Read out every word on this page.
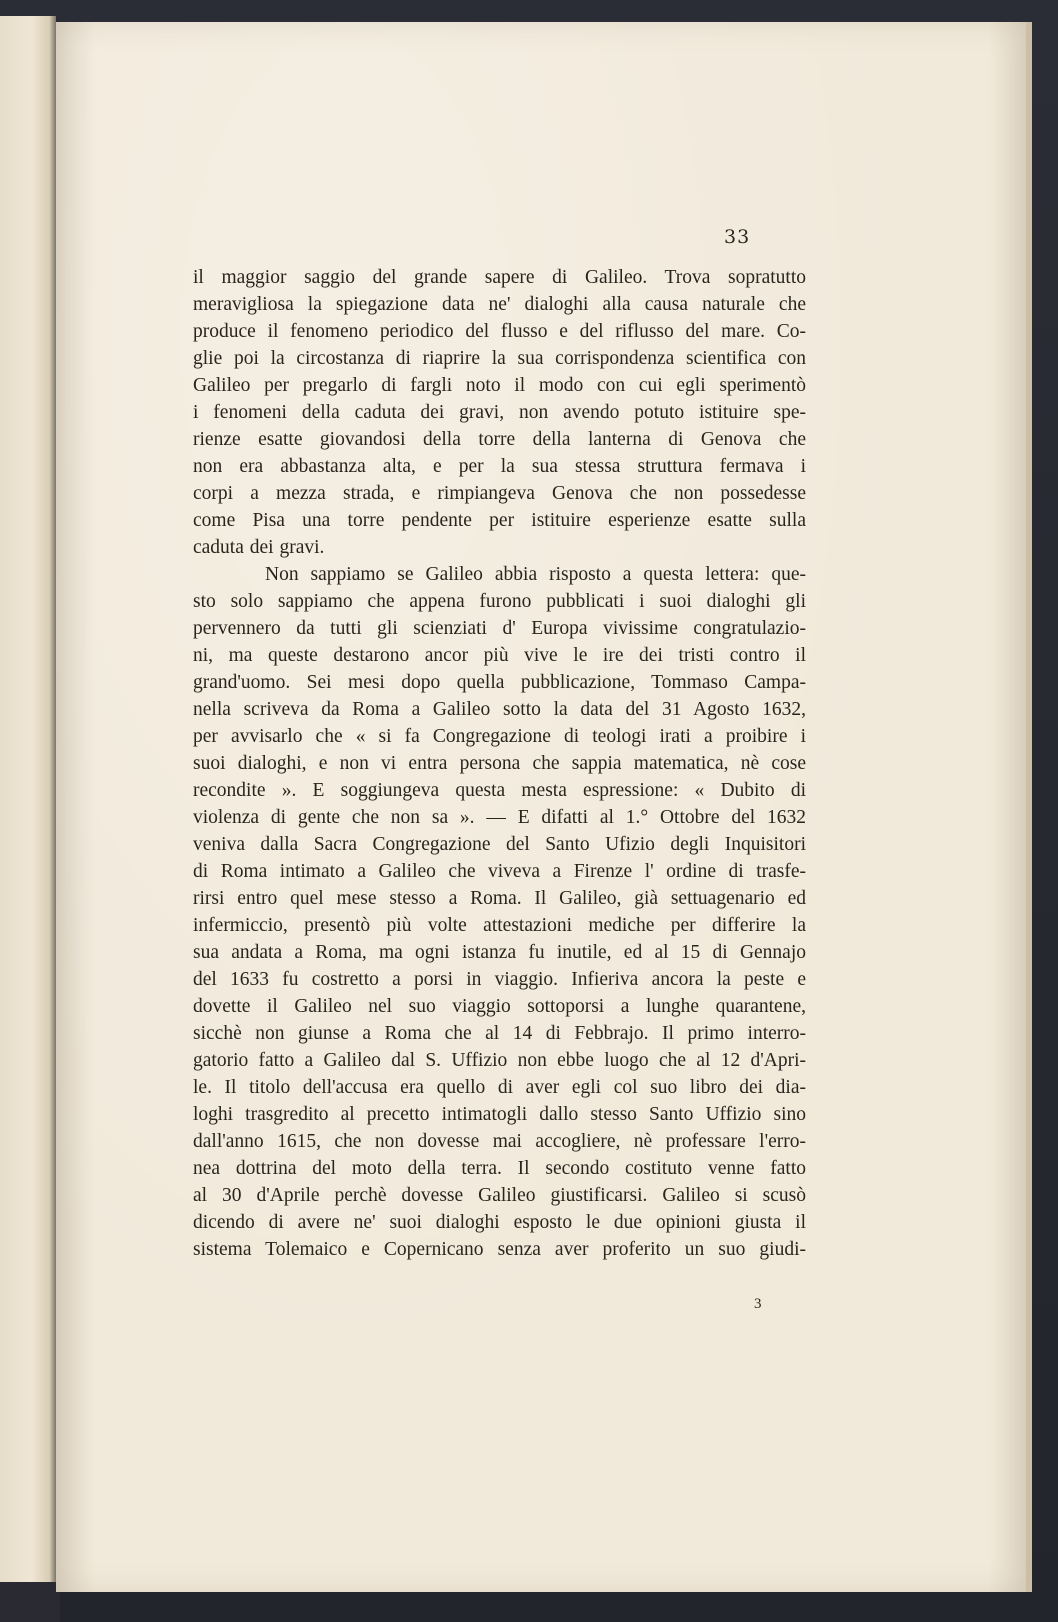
33
il maggior saggio del grande sapere di Galileo. Trova sopratutto
meravigliosa la spiegazione data ne' dialoghi alla causa naturale che
produce il fenomeno periodico del flusso e del riflusso del mare. Co-
glie poi la circostanza di riaprire la sua corrispondenza scientifica con
Galileo per pregarlo di fargli noto il modo con cui egli sperimentò
i fenomeni della caduta dei gravi, non avendo potuto istituire spe-
rienze esatte giovandosi della torre della lanterna di Genova che
non era abbastanza alta, e per la sua stessa struttura fermava i
corpi a mezza strada, e rimpiangeva Genova che non possedesse
come Pisa una torre pendente per istituire esperienze esatte sulla
caduta dei gravi.
Non sappiamo se Galileo abbia risposto a questa lettera: que-
sto solo sappiamo che appena furono pubblicati i suoi dialoghi gli
pervennero da tutti gli scienziati d' Europa vivissime congratulazio-
ni, ma queste destarono ancor più vive le ire dei tristi contro il
grand'uomo. Sei mesi dopo quella pubblicazione, Tommaso Campa-
nella scriveva da Roma a Galileo sotto la data del 31 Agosto 1632,
per avvisarlo che « si fa Congregazione di teologi irati a proibire i
suoi dialoghi, e non vi entra persona che sappia matematica, nè cose
recondite ». E soggiungeva questa mesta espressione: « Dubito di
violenza di gente che non sa ». — E difatti al 1.° Ottobre del 1632
veniva dalla Sacra Congregazione del Santo Ufizio degli Inquisitori
di Roma intimato a Galileo che viveva a Firenze l' ordine di trasfe-
rirsi entro quel mese stesso a Roma. Il Galileo, già settuagenario ed
infermiccio, presentò più volte attestazioni mediche per differire la
sua andata a Roma, ma ogni istanza fu inutile, ed al 15 di Gennajo
del 1633 fu costretto a porsi in viaggio. Infieriva ancora la peste e
dovette il Galileo nel suo viaggio sottoporsi a lunghe quarantene,
sicchè non giunse a Roma che al 14 di Febbrajo. Il primo interro-
gatorio fatto a Galileo dal S. Uffizio non ebbe luogo che al 12 d'Apri-
le. Il titolo dell'accusa era quello di aver egli col suo libro dei dia-
loghi trasgredito al precetto intimatogli dallo stesso Santo Uffizio sino
dall'anno 1615, che non dovesse mai accogliere, nè professare l'erro-
nea dottrina del moto della terra. Il secondo costituto venne fatto
al 30 d'Aprile perchè dovesse Galileo giustificarsi. Galileo si scusò
dicendo di avere ne' suoi dialoghi esposto le due opinioni giusta il
sistema Tolemaico e Copernicano senza aver proferito un suo giudi-
3
